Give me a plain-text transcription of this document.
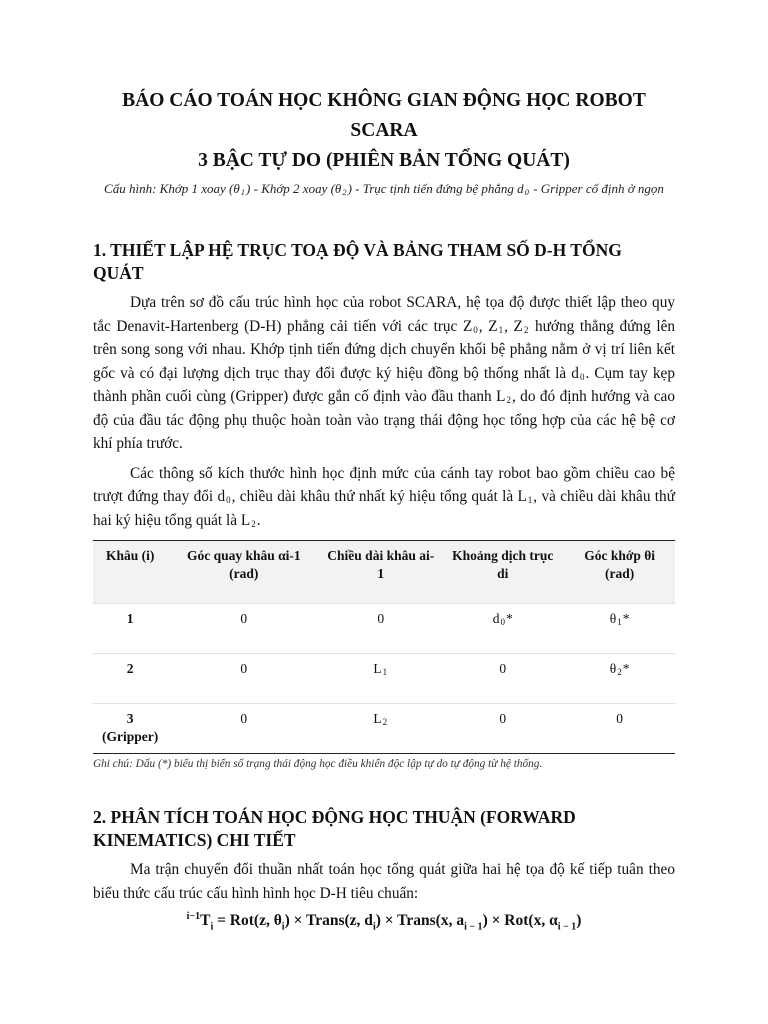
BÁO CÁO TOÁN HỌC KHÔNG GIAN ĐỘNG HỌC ROBOT SCARA
3 BẬC TỰ DO (PHIÊN BẢN TỔNG QUÁT)

Cấu hình: Khớp 1 xoay $(\theta_1)$ - Khớp 2 xoay $(\theta_2)$ - Trục tịnh tiến đứng bệ phẳng $d_0$ - Gripper cố định ở ngọn

1. THIẾT LẬP HỆ TRỤC TOẠ ĐỘ VÀ BẢNG THAM SỐ D-H TỔNG QUÁT

Dựa trên sơ đồ cấu trúc hình học của robot SCARA, hệ tọa độ được thiết lập theo quy tắc Denavit-Hartenberg (D-H) phẳng cải tiến với các trục $Z_0$, $Z_1$, $Z_2$ hướng thẳng đứng lên trên song song với nhau. Khớp tịnh tiến đứng dịch chuyển khối bệ phẳng nằm ở vị trí liên kết gốc và có đại lượng dịch trục thay đổi được ký hiệu đồng bộ thống nhất là $d_0$. Cụm tay kẹp thành phần cuối cùng (Gripper) được gắn cố định vào đầu thanh $L_2$, do đó định hướng và cao độ của đầu tác động phụ thuộc hoàn toàn vào trạng thái động học tổng hợp của các hệ bệ cơ khí phía trước.

Các thông số kích thước hình học định mức của cánh tay robot bao gồm chiều cao bệ trượt đứng thay đổi $d_0$, chiều dài khâu thứ nhất ký hiệu tổng quát là $L_1$, và chiều dài khâu thứ hai ký hiệu tổng quát là $L_2$.

Khâu (i)	Góc quay khâu αi-1 (rad)	Chiều dài khâu ai-1	Khoảng dịch trục di	Góc khớp θi (rad)
1	0	0	$d_0*$	$\theta_1*$
2	0	$L_1$	0	$\theta_2*$
3 (Gripper)	0	$L_2$	0	0

Ghi chú: Dấu (*) biểu thị biến số trạng thái động học điều khiển độc lập tự do tự động từ hệ thống.

2. PHÂN TÍCH TOÁN HỌC ĐỘNG HỌC THUẬN (FORWARD KINEMATICS) CHI TIẾT

Ma trận chuyển đổi thuần nhất toán học tổng quát giữa hai hệ tọa độ kế tiếp tuân theo biểu thức cấu trúc cấu hình hình học D-H tiêu chuẩn:

$^{i-1}T_i = Rot(z$, $\theta_i$) × Trans(z, $d_i$) × Trans(x, $a_{i - 1}) \times Rot(x$, $\alpha_{i - 1}$)
